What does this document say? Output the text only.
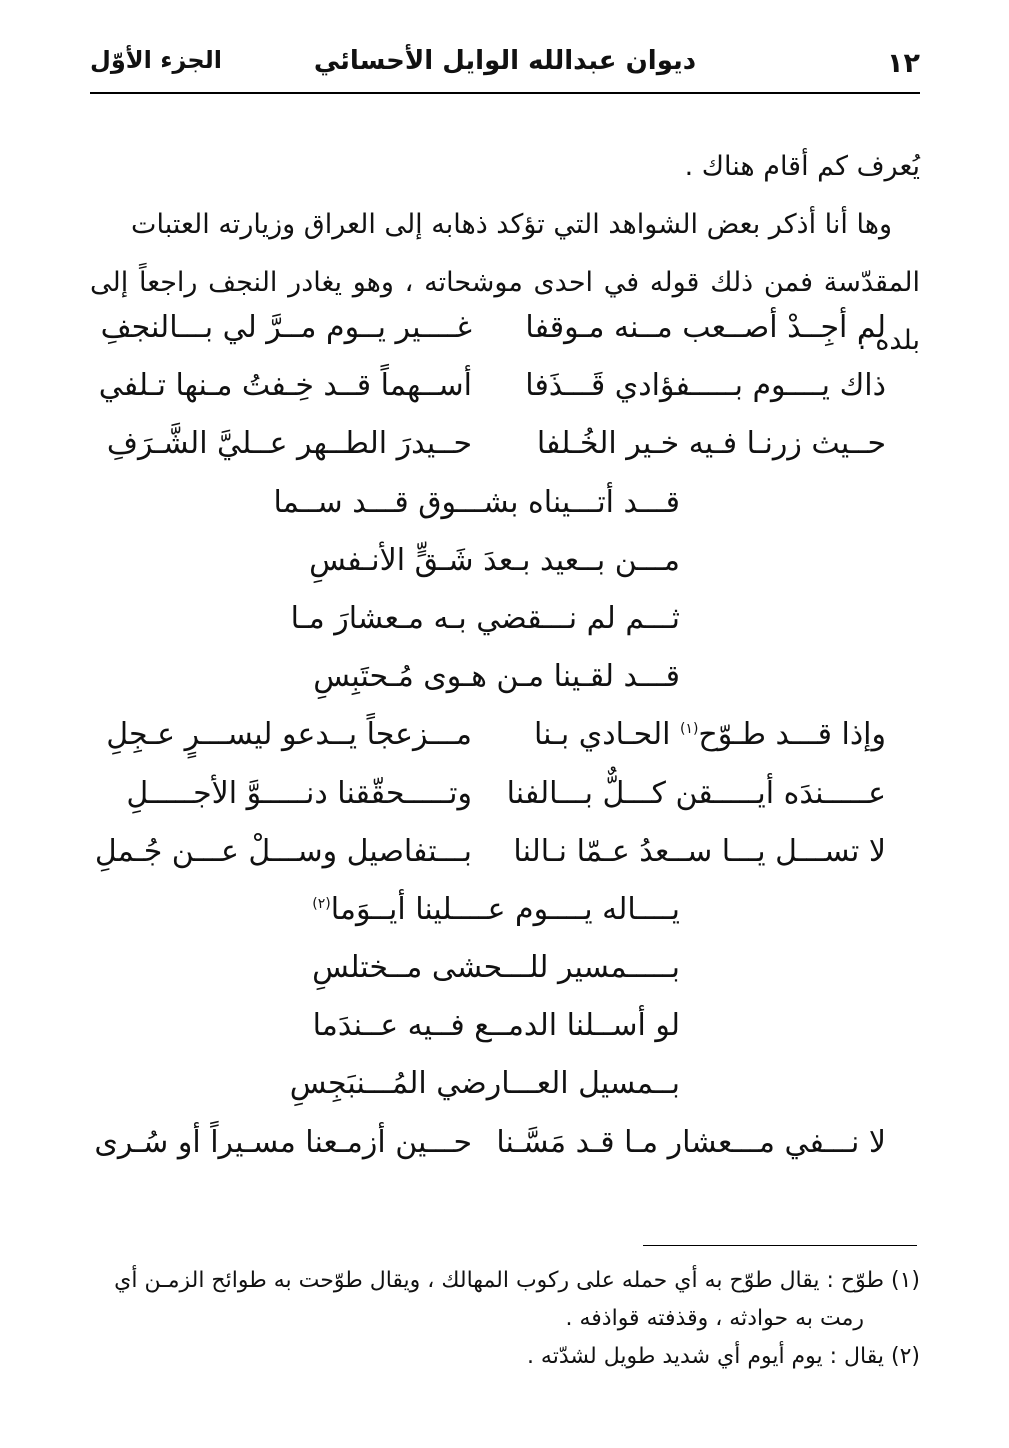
١٢
ديوان عبدالله الوايل الأحسائي
الجزء الأوّل

يُعرف كم أقام هناك .

وها أنا أذكر بعض الشواهد التي تؤكد ذهابه إلى العراق وزيارته العتبات

المقدّسة فمن ذلك قوله في احدى موشحاته ، وهو يغادر النجف راجعاً إلى بلده :

لم أجِــدْ أصــعب مــنه مـوقفا
غــــير يــوم مــرَّ لي بـــالنجفِ
ذاك يــــوم بـــــفؤادي قَـــذَفا
أســهماً قــد خِـفتُ مـنها تـلفي
حــيث زرنـا فـيه خـير الخُـلفا
حــيدرَ الطــهر عــليَّ الشَّـرَفِ
قـــد أتـــيناه بشـــوق قـــد ســما
مـــن بــعيد بـعدَ شَـقٍّ الأنـفسِ
ثـــم لم نـــقضي بـه مـعشارَ مـا
قـــد لقـينا مـن هـوى مُـحتَبِسِ
وإذا قـــد طـوّح$^{(١)}$ الحـادي بـنا
مـــزعجاً يــدعو ليســـرٍ عـجِلِ
عـــــندَه أيـــــقن كـــلٌّ بـــالفنا
وتـــــحقّقنا دنـــــوَّ الأجـــــلِ
لا تســـل يـــا ســعدُ عـمّا نـالنا
بـــتفاصيل وســـلْ عـــن جُـملِ
يــــاله يــــوم عــــلينا أيــوَما$^{(٢)}$
بـــــمسير للـــحشى مــختلسِ
لو أســلنا الدمــع فــيه عــندَما
بــمسيل العـــارضي المُـــنبَجِسِ
لا نـــفي مـــعشار مـا قـد مَسَّـنا
حـــين أزمـعنا مسـيراً أو سُـرى

(١) طوّح : يقال طوّح به أي حمله على ركوب المهالك ، ويقال طوّحت به طوائح الزمـن أي

رمت به حوادثه ، وقذفته قواذفه .

(٢) يقال : يوم أيوم أي شديد طويل لشدّته .
